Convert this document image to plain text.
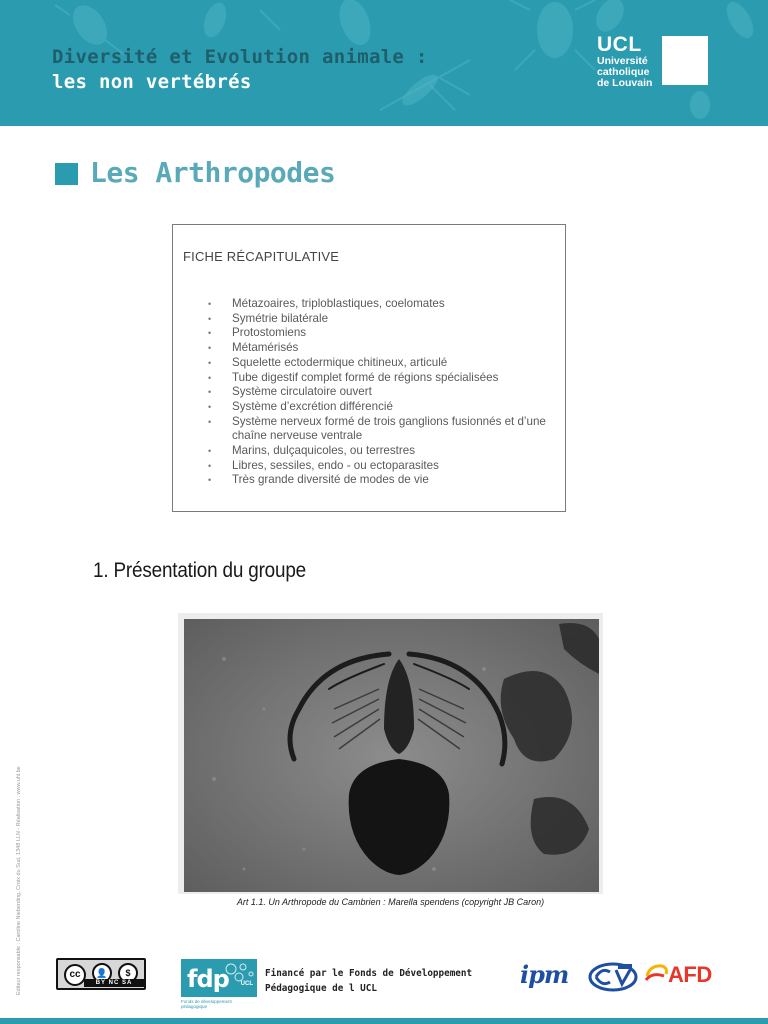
Diversité et Evolution animale :
les non vertébrés
UCL
Université
catholique
de Louvain
Les Arthropodes
FICHE RÉCAPITULATIVE
• Métazoaires, triploblastiques, coelomates
• Symétrie bilatérale
• Protostomiens
• Métamérisés
• Squelette ectodermique chitineux, articulé
• Tube digestif complet formé de régions spécialisées
• Système circulatoire ouvert
• Système d’excrétion différencié
• Système nerveux formé de trois ganglions fusionnés et d’une chaîne nerveuse ventrale
• Marins, dulçaquicoles, ou terrestres
• Libres, sessiles, endo - ou ectoparasites
• Très grande diversité de modes de vie
1. Présentation du groupe
Art 1.1. Un Arthropode du Cambrien : Marella spendens (copyright JB Caron)
Editeur responsable : Caroline Nieberding, Croix du Sud, 1348 LLN - Réalisation : www.uhl.be	cc	👤	$
BY NC SA	fdp UCL
Fonds de développement pédagogique
Financé par le Fonds de Développement
Pédagogique de l UCL	ipm	AFD
